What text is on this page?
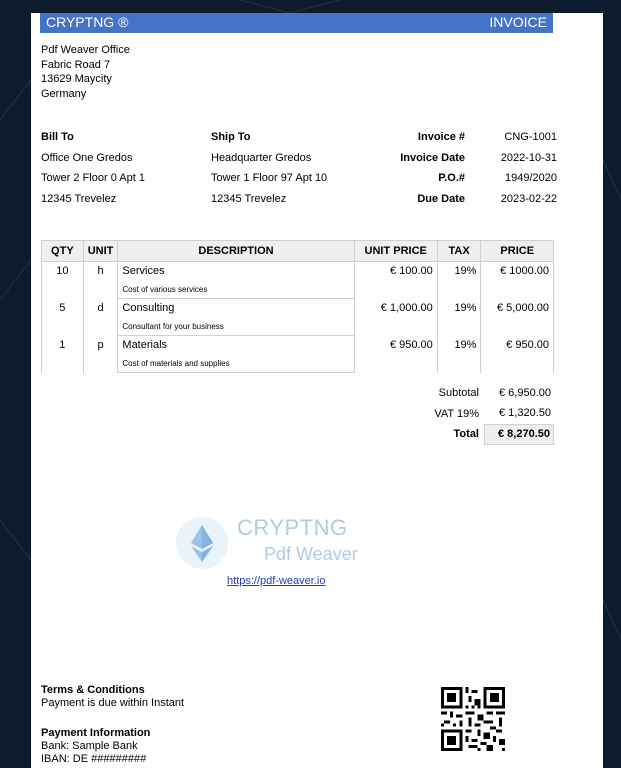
CRYPTNG ®	INVOICE
Pdf Weaver Office
Fabric Road 7
13629 Maycity
Germany
Bill To
Office One Gredos
Tower 2 Floor 0 Apt 1
12345 Trevelez
Ship To
Headquarter Gredos
Tower 1 Floor 97 Apt 10
12345 Trevelez
Invoice #	CNG-1001
Invoice Date	2022-10-31
P.O.#	1949/2020
Due Date	2023-02-22
QTY	UNIT	DESCRIPTION	UNIT PRICE	TAX	PRICE
10	h	Services	€ 100.00	19%	€ 1000.00
		Cost of various services			
5	d	Consulting	€ 1,000.00	19%	€ 5,000.00
		Consultant for your business			
1	p	Materials	€ 950.00	19%	€ 950.00
		Cost of materials and supplies			
Subtotal	€ 6,950.00
VAT 19%	€ 1,320.50
Total	€ 8,270.50
CRYPTNG
Pdf Weaver
https://pdf-weaver.io
Terms & Conditions
Payment is due within Instant
Payment Information
Bank: Sample Bank
IBAN: DE #########
